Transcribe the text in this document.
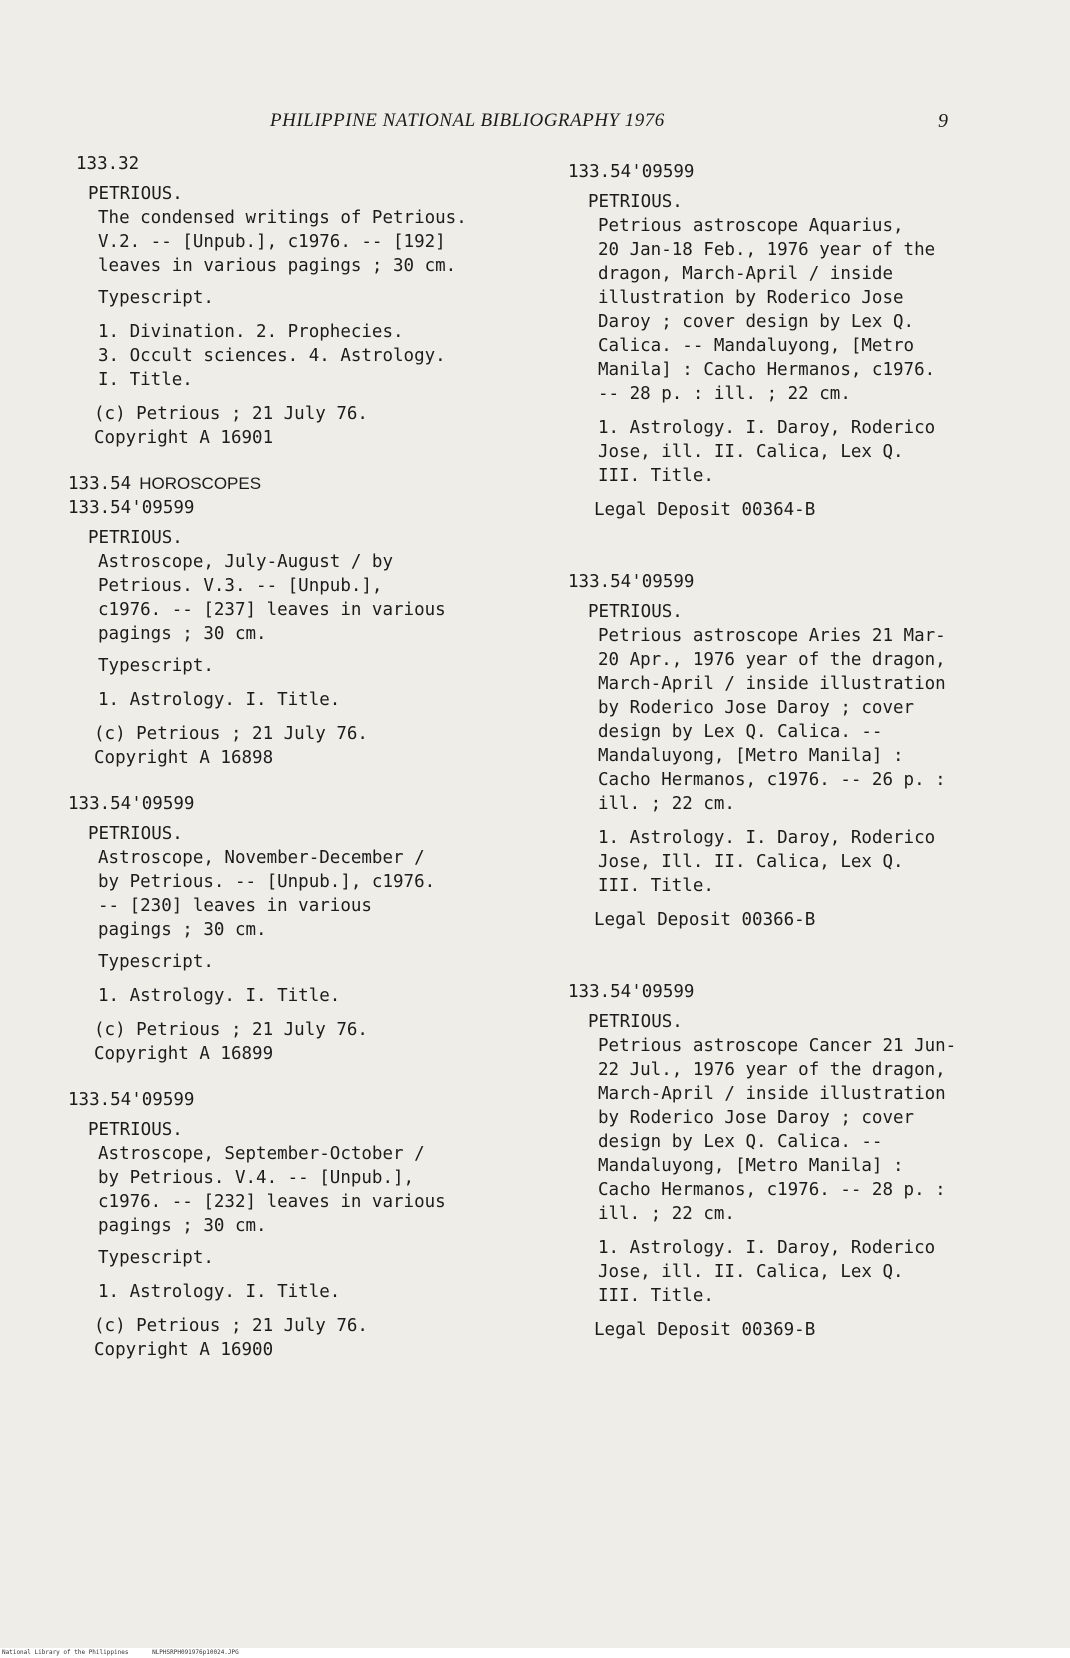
PHILIPPINE NATIONAL BIBLIOGRAPHY 1976	9
133.32
PETRIOUS.
The condensed writings of Petrious.
V.2. -- [Unpub.], c1976. -- [192]
leaves in various pagings ; 30 cm.
Typescript.
1. Divination. 2. Prophecies.
3. Occult sciences. 4. Astrology.
I. Title.
(c) Petrious ; 21 July 76.
Copyright A 16901
133.54 HOROSCOPES
133.54'09599
PETRIOUS.
Astroscope, July-August / by
Petrious. V.3. -- [Unpub.],
c1976. -- [237] leaves in various
pagings ; 30 cm.
Typescript.
1. Astrology. I. Title.
(c) Petrious ; 21 July 76.
Copyright A 16898
133.54'09599
PETRIOUS.
Astroscope, November-December /
by Petrious. -- [Unpub.], c1976.
-- [230] leaves in various
pagings ; 30 cm.
Typescript.
1. Astrology. I. Title.
(c) Petrious ; 21 July 76.
Copyright A 16899
133.54'09599
PETRIOUS.
Astroscope, September-October /
by Petrious. V.4. -- [Unpub.],
c1976. -- [232] leaves in various
pagings ; 30 cm.
Typescript.
1. Astrology. I. Title.
(c) Petrious ; 21 July 76.
Copyright A 16900
133.54'09599
PETRIOUS.
Petrious astroscope Aquarius,
20 Jan-18 Feb., 1976 year of the
dragon, March-April / inside
illustration by Roderico Jose
Daroy ; cover design by Lex Q.
Calica. -- Mandaluyong, [Metro
Manila] : Cacho Hermanos, c1976.
-- 28 p. : ill. ; 22 cm.
1. Astrology. I. Daroy, Roderico
Jose, ill. II. Calica, Lex Q.
III. Title.
Legal Deposit 00364-B
133.54'09599
PETRIOUS.
Petrious astroscope Aries 21 Mar-
20 Apr., 1976 year of the dragon,
March-April / inside illustration
by Roderico Jose Daroy ; cover
design by Lex Q. Calica. --
Mandaluyong, [Metro Manila] :
Cacho Hermanos, c1976. -- 26 p. :
ill. ; 22 cm.
1. Astrology. I. Daroy, Roderico
Jose, Ill. II. Calica, Lex Q.
III. Title.
Legal Deposit 00366-B
133.54'09599
PETRIOUS.
Petrious astroscope Cancer 21 Jun-
22 Jul., 1976 year of the dragon,
March-April / inside illustration
by Roderico Jose Daroy ; cover
design by Lex Q. Calica. --
Mandaluyong, [Metro Manila] :
Cacho Hermanos, c1976. -- 28 p. :
ill. ; 22 cm.
1. Astrology. I. Daroy, Roderico
Jose, ill. II. Calica, Lex Q.
III. Title.
Legal Deposit 00369-B
National Library of the Philippines	NLPHSRPH091976p10024.JPG
